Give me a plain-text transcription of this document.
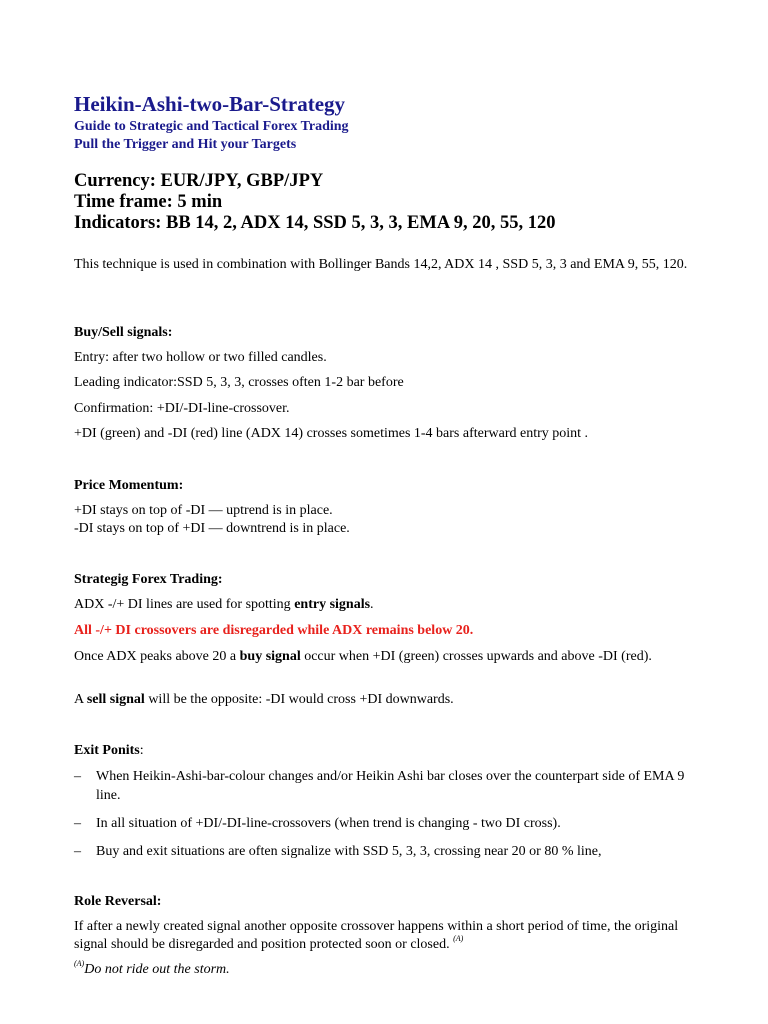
Heikin-Ashi-two-Bar-Strategy
Guide to Strategic and Tactical Forex Trading
Pull the Trigger and Hit your Targets
Currency: EUR/JPY, GBP/JPY
Time frame: 5 min
Indicators: BB 14, 2, ADX 14, SSD 5, 3, 3, EMA 9, 20, 55, 120
This technique is used in combination with Bollinger Bands 14,2, ADX 14 , SSD 5, 3, 3 and EMA 9, 55, 120.
Buy/Sell signals:
Entry: after two hollow or two filled candles.
Leading indicator:SSD 5, 3, 3, crosses often 1-2 bar before
Confirmation: +DI/-DI-line-crossover.
+DI (green) and -DI (red) line (ADX 14) crosses sometimes 1-4 bars afterward entry point .
Price Momentum:
+DI stays on top of -DI — uptrend is in place.
-DI stays on top of +DI — downtrend is in place.
Strategig Forex Trading:
ADX -/+ DI lines are used for spotting entry signals.
All -/+ DI crossovers are disregarded while ADX remains below 20.
Once ADX peaks above 20 a buy signal occur when +DI (green) crosses upwards and above -DI (red).
A sell signal will be the opposite: -DI would cross +DI downwards.
Exit Ponits:
– When Heikin-Ashi-bar-colour changes and/or Heikin Ashi bar closes over the counterpart side of EMA 9 line.
– In all situation of +DI/-DI-line-crossovers (when trend is changing - two DI cross).
– Buy and exit situations are often signalize with SSD 5, 3, 3, crossing near 20 or 80 % line,
Role Reversal:
If after a newly created signal another opposite crossover happens within a short period of time, the original signal should be disregarded and position protected soon or closed. $^{(A)}$
$^{(A)}$Do not ride out the storm.
